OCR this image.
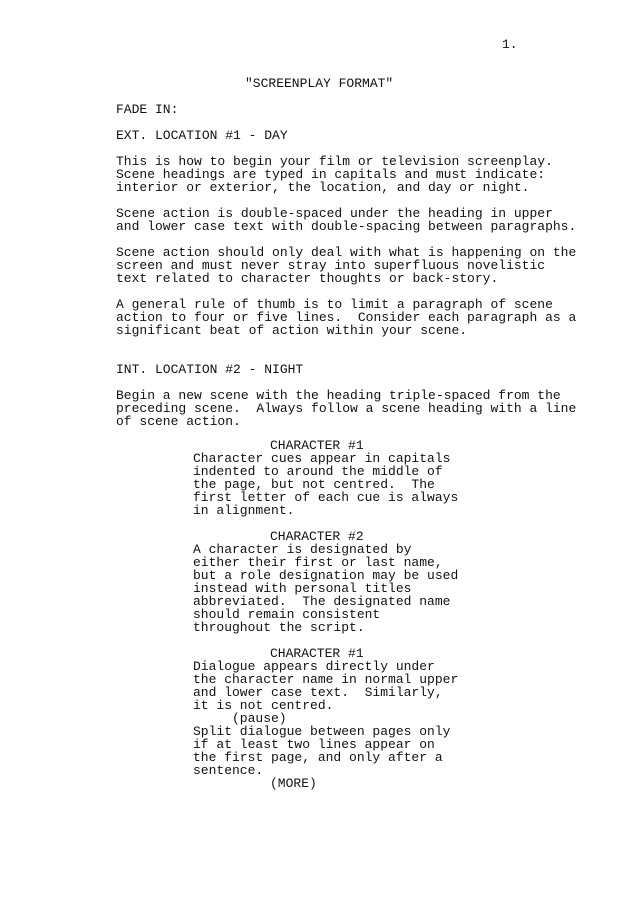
1.

"SCREENPLAY FORMAT"

FADE IN:

EXT. LOCATION #1 - DAY

This is how to begin your film or television screenplay.

Scene headings are typed in capitals and must indicate:

interior or exterior, the location, and day or night.

Scene action is double-spaced under the heading in upper

and lower case text with double-spacing between paragraphs.

Scene action should only deal with what is happening on the

screen and must never stray into superfluous novelistic

text related to character thoughts or back-story.

A general rule of thumb is to limit a paragraph of scene

action to four or five lines.  Consider each paragraph as a

significant beat of action within your scene.

INT. LOCATION #2 - NIGHT

Begin a new scene with the heading triple-spaced from the

preceding scene.  Always follow a scene heading with a line

of scene action.

CHARACTER #1

Character cues appear in capitals

indented to around the middle of

the page, but not centred.  The

first letter of each cue is always

in alignment.

CHARACTER #2

A character is designated by

either their first or last name,

but a role designation may be used

instead with personal titles

abbreviated.  The designated name

should remain consistent

throughout the script.

CHARACTER #1

Dialogue appears directly under

the character name in normal upper

and lower case text.  Similarly,

it is not centred.

(pause)

Split dialogue between pages only

if at least two lines appear on

the first page, and only after a

sentence.

(MORE)
